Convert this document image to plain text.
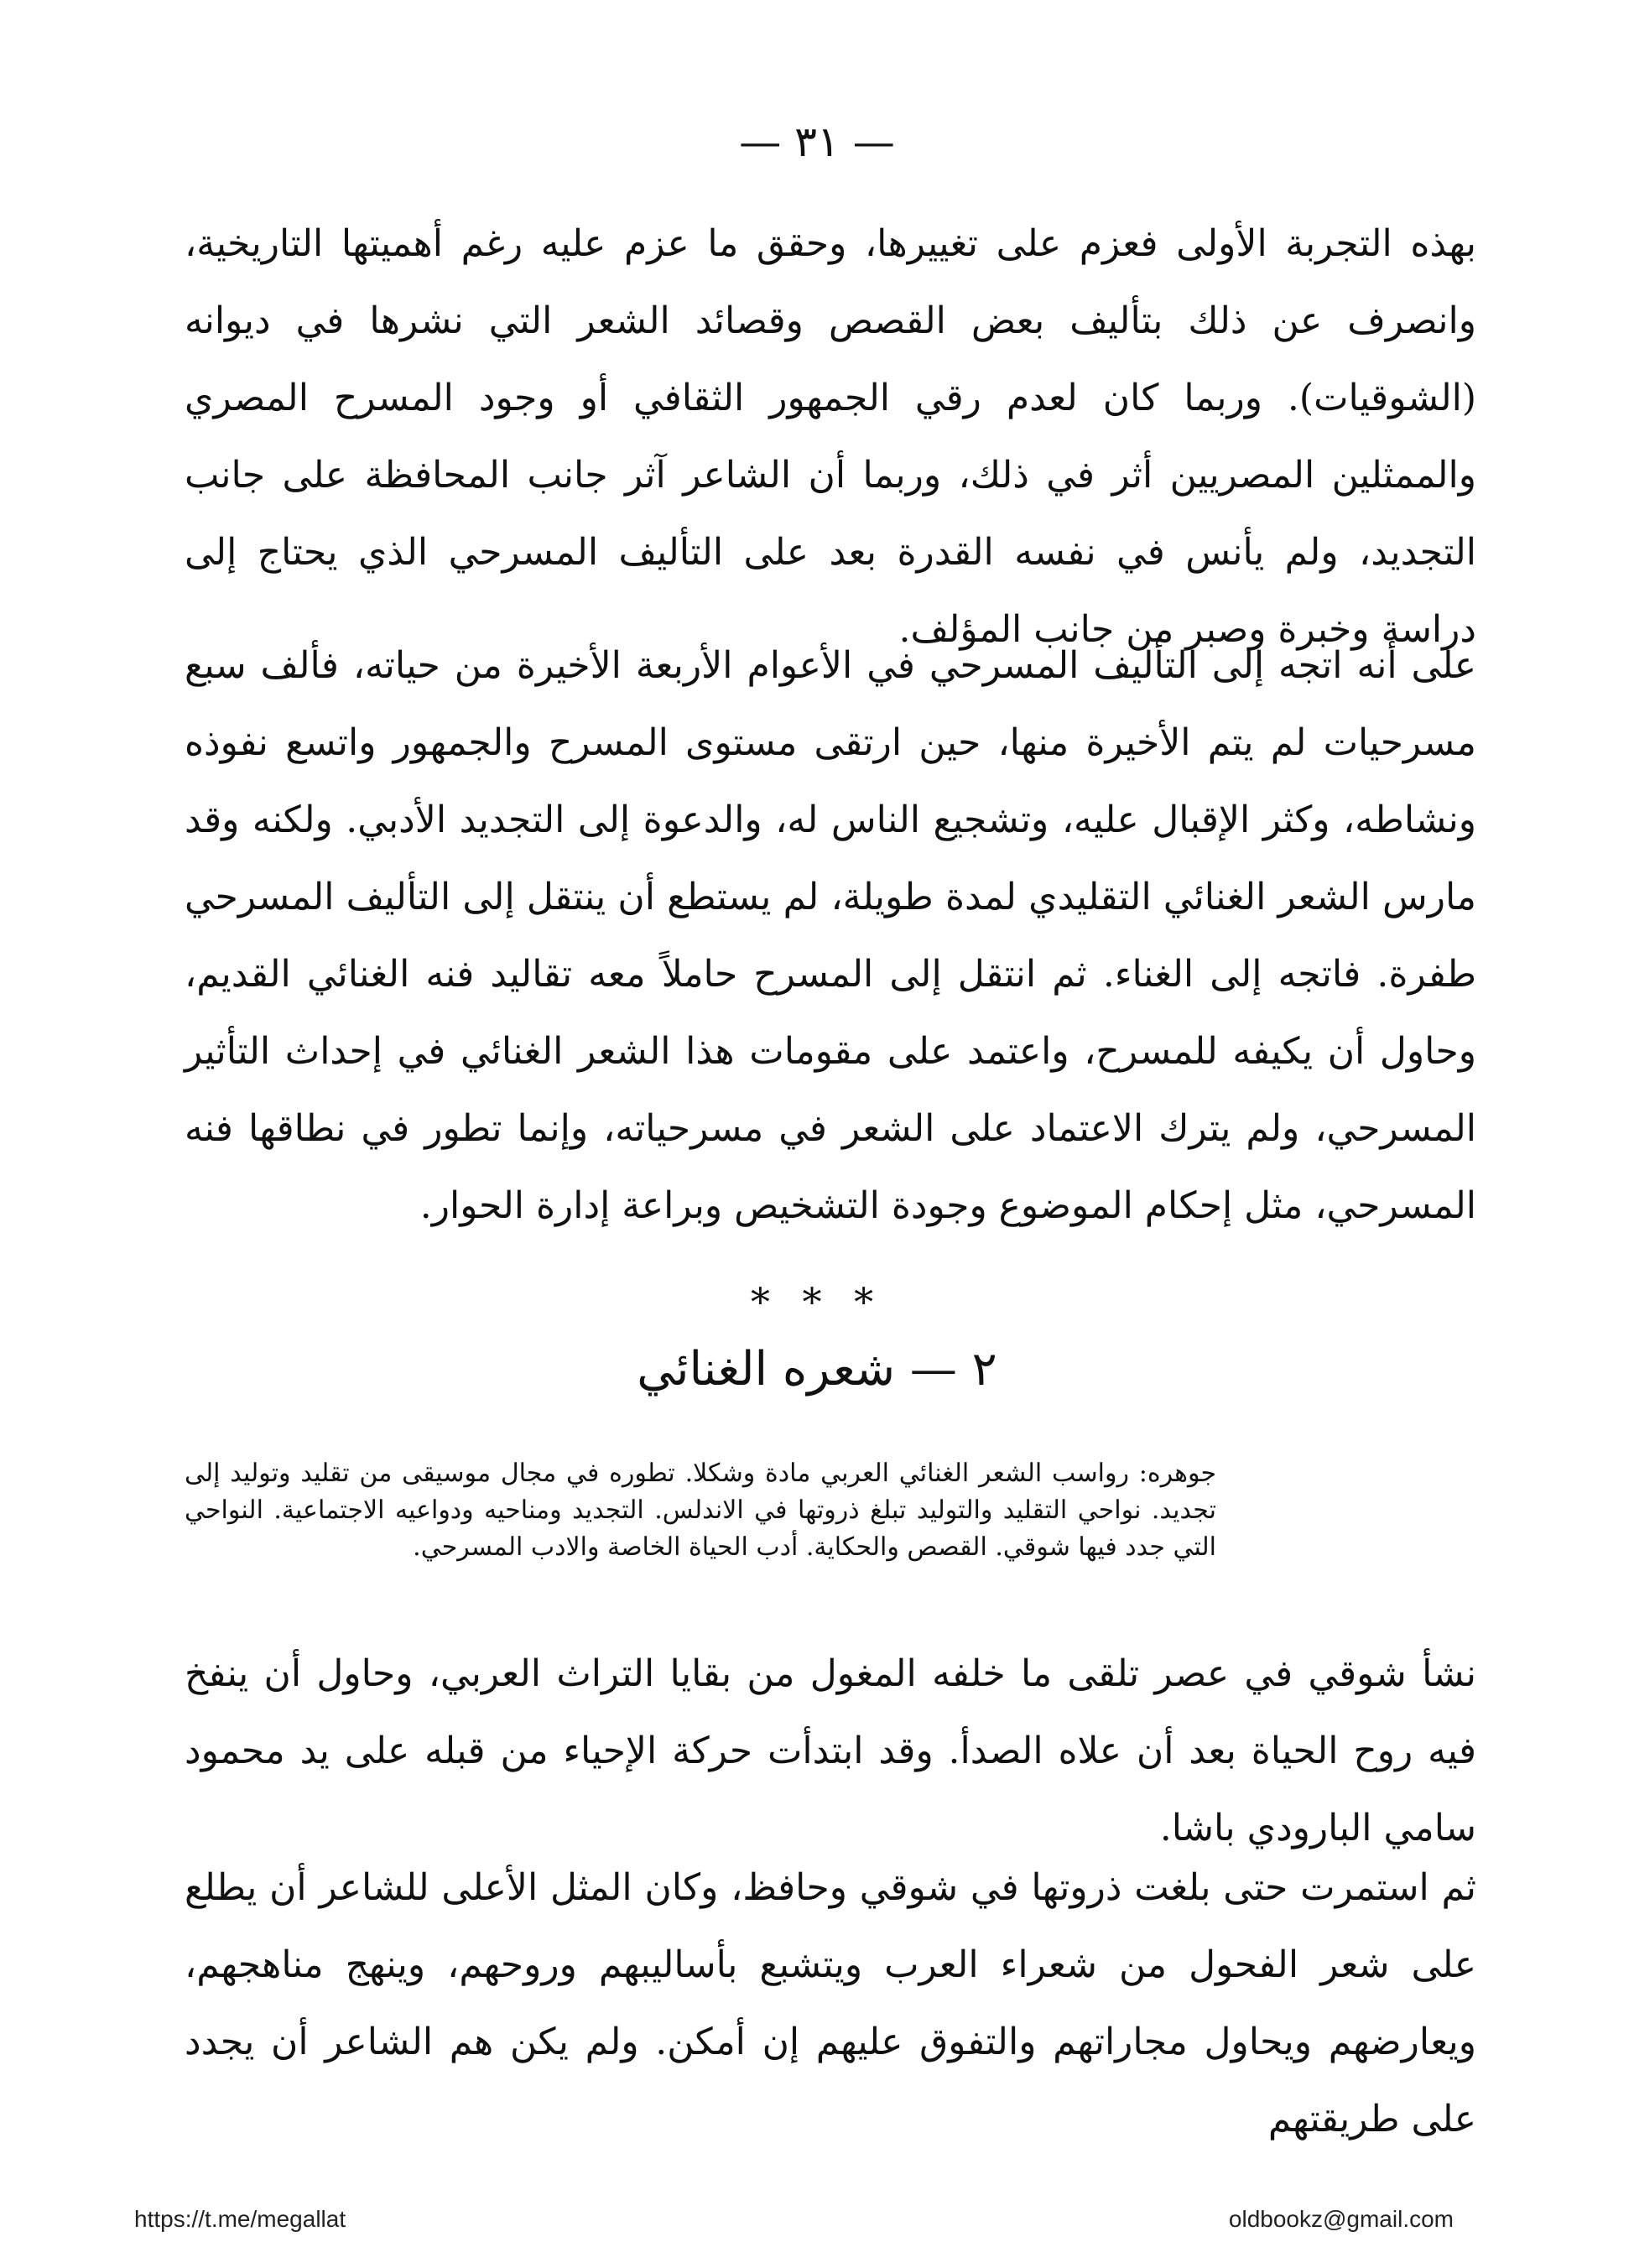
— ٣١ —

بهذه التجربة الأولى فعزم على تغييرها، وحقق ما عزم عليه رغم أهميتها التاريخية، وانصرف عن ذلك بتأليف بعض القصص وقصائد الشعر التي نشرها في ديوانه (الشوقيات). وربما كان لعدم رقي الجمهور الثقافي أو وجود المسرح المصري والممثلين المصريين أثر في ذلك، وربما أن الشاعر آثر جانب المحافظة على جانب التجديد، ولم يأنس في نفسه القدرة بعد على التأليف المسرحي الذي يحتاج إلى دراسة وخبرة وصبر من جانب المؤلف.

على أنه اتجه إلى التأليف المسرحي في الأعوام الأربعة الأخيرة من حياته، فألف سبع مسرحيات لم يتم الأخيرة منها، حين ارتقى مستوى المسرح والجمهور واتسع نفوذه ونشاطه، وكثر الإقبال عليه، وتشجيع الناس له، والدعوة إلى التجديد الأدبي. ولكنه وقد مارس الشعر الغنائي التقليدي لمدة طويلة، لم يستطع أن ينتقل إلى التأليف المسرحي طفرة. فاتجه إلى الغناء. ثم انتقل إلى المسرح حاملاً معه تقاليد فنه الغنائي القديم، وحاول أن يكيفه للمسرح، واعتمد على مقومات هذا الشعر الغنائي في إحداث التأثير المسرحي، ولم يترك الاعتماد على الشعر في مسرحياته، وإنما تطور في نطاقها فنه المسرحي، مثل إحكام الموضوع وجودة التشخيص وبراعة إدارة الحوار.

* * *
٢ — شعره الغنائي

جوهره: رواسب الشعر الغنائي العربي مادة وشكلا. تطوره في مجال موسيقى من تقليد وتوليد إلى تجديد. نواحي التقليد والتوليد تبلغ ذروتها في الاندلس. التجديد ومناحيه ودواعيه الاجتماعية. النواحي التي جدد فيها شوقي. القصص والحكاية. أدب الحياة الخاصة والادب المسرحي.

نشأ شوقي في عصر تلقى ما خلفه المغول من بقايا التراث العربي، وحاول أن ينفخ فيه روح الحياة بعد أن علاه الصدأ. وقد ابتدأت حركة الإحياء من قبله على يد محمود سامي البارودي باشا.

ثم استمرت حتى بلغت ذروتها في شوقي وحافظ، وكان المثل الأعلى للشاعر أن يطلع على شعر الفحول من شعراء العرب ويتشبع بأساليبهم وروحهم، وينهج مناهجهم، ويعارضهم ويحاول مجاراتهم والتفوق عليهم إن أمكن. ولم يكن هم الشاعر أن يجدد على طريقتهم

https://t.me/megallat	oldbookz@gmail.com
